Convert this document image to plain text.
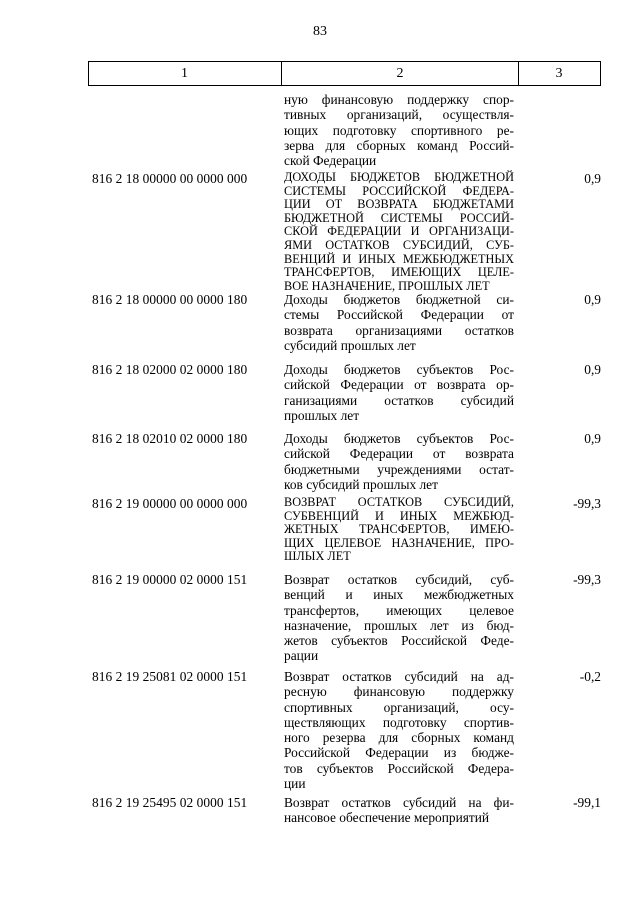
83
1	2	3
ную финансовую поддержку спор-
тивных организаций, осуществля-
ющих подготовку спортивного ре-
зерва для сборных команд Россий-
ской Федерации
816 2 18 00000 00 0000 000	ДОХОДЫ БЮДЖЕТОВ БЮДЖЕТНОЙ
СИСТЕМЫ РОССИЙСКОЙ ФЕДЕРА-
ЦИИ ОТ ВОЗВРАТА БЮДЖЕТАМИ
БЮДЖЕТНОЙ СИСТЕМЫ РОССИЙ-
СКОЙ ФЕДЕРАЦИИ И ОРГАНИЗАЦИ-
ЯМИ ОСТАТКОВ СУБСИДИЙ, СУБ-
ВЕНЦИЙ И ИНЫХ МЕЖБЮДЖЕТНЫХ
ТРАНСФЕРТОВ, ИМЕЮЩИХ ЦЕЛЕ-
ВОЕ НАЗНАЧЕНИЕ, ПРОШЛЫХ ЛЕТ
0,9
816 2 18 00000 00 0000 180	Доходы бюджетов бюджетной си-
стемы Российской Федерации от
возврата организациями остатков
субсидий прошлых лет
0,9
816 2 18 02000 02 0000 180	Доходы бюджетов субъектов Рос-
сийской Федерации от возврата ор-
ганизациями остатков субсидий
прошлых лет
0,9
816 2 18 02010 02 0000 180	Доходы бюджетов субъектов Рос-
сийской Федерации от возврата
бюджетными учреждениями остат-
ков субсидий прошлых лет
0,9
816 2 19 00000 00 0000 000	ВОЗВРАТ ОСТАТКОВ СУБСИДИЙ,
СУБВЕНЦИЙ И ИНЫХ МЕЖБЮД-
ЖЕТНЫХ ТРАНСФЕРТОВ, ИМЕЮ-
ЩИХ ЦЕЛЕВОЕ НАЗНАЧЕНИЕ, ПРО-
ШЛЫХ ЛЕТ
-99,3
816 2 19 00000 02 0000 151	Возврат остатков субсидий, суб-
венций и иных межбюджетных
трансфертов, имеющих целевое
назначение, прошлых лет из бюд-
жетов субъектов Российской Феде-
рации
-99,3
816 2 19 25081 02 0000 151	Возврат остатков субсидий на ад-
ресную финансовую поддержку
спортивных организаций, осу-
ществляющих подготовку спортив-
ного резерва для сборных команд
Российской Федерации из бюдже-
тов субъектов Российской Федера-
ции
-0,2
816 2 19 25495 02 0000 151	Возврат остатков субсидий на фи-
нансовое обеспечение мероприятий
-99,1
